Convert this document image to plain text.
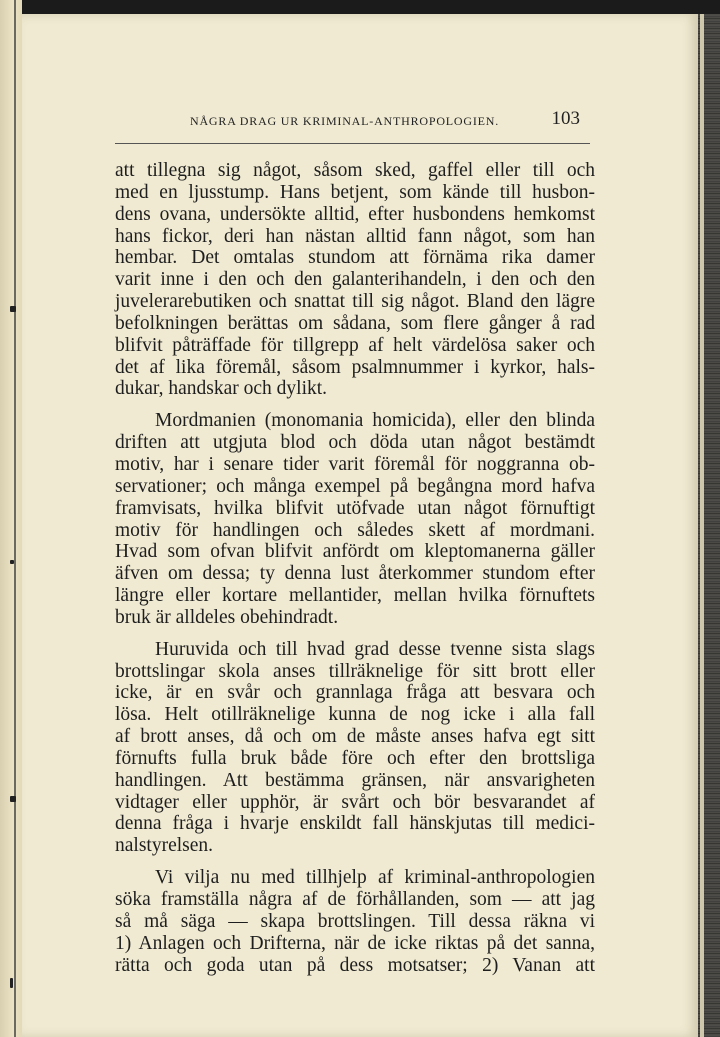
NÅGRA DRAG UR KRIMINAL-ANTHROPOLOGIEN.	103

att tillegna sig något, såsom sked, gaffel eller till och
med en ljusstump. Hans betjent, som kände till husbon-
dens ovana, undersökte alltid, efter husbondens hemkomst
hans fickor, deri han nästan alltid fann något, som han
hembar. Det omtalas stundom att förnäma rika damer
varit inne i den och den galanterihandeln, i den och den
juvelerarebutiken och snattat till sig något. Bland den lägre
befolkningen berättas om sådana, som flere gånger å rad
blifvit påträffade för tillgrepp af helt värdelösa saker och
det af lika föremål, såsom psalmnummer i kyrkor, hals-
dukar, handskar och dylikt.

Mordmanien (monomania homicida), eller den blinda
driften att utgjuta blod och döda utan något bestämdt
motiv, har i senare tider varit föremål för noggranna ob-
servationer; och många exempel på begångna mord hafva
framvisats, hvilka blifvit utöfvade utan något förnuftigt
motiv för handlingen och således skett af mordmani.
Hvad som ofvan blifvit anfördt om kleptomanerna gäller
äfven om dessa; ty denna lust återkommer stundom efter
längre eller kortare mellantider, mellan hvilka förnuftets
bruk är alldeles obehindradt.

Huruvida och till hvad grad desse tvenne sista slags
brottslingar skola anses tillräknelige för sitt brott eller
icke, är en svår och grannlaga fråga att besvara och
lösa. Helt otillräknelige kunna de nog icke i alla fall
af brott anses, då och om de måste anses hafva egt sitt
förnufts fulla bruk både före och efter den brottsliga
handlingen. Att bestämma gränsen, när ansvarigheten
vidtager eller upphör, är svårt och bör besvarandet af
denna fråga i hvarje enskildt fall hänskjutas till medici-
nalstyrelsen.

Vi vilja nu med tillhjelp af kriminal-anthropologien
söka framställa några af de förhållanden, som — att jag
så må säga — skapa brottslingen. Till dessa räkna vi
1) Anlagen och Drifterna, när de icke riktas på det sanna,
rätta och goda utan på dess motsatser; 2) Vanan att
